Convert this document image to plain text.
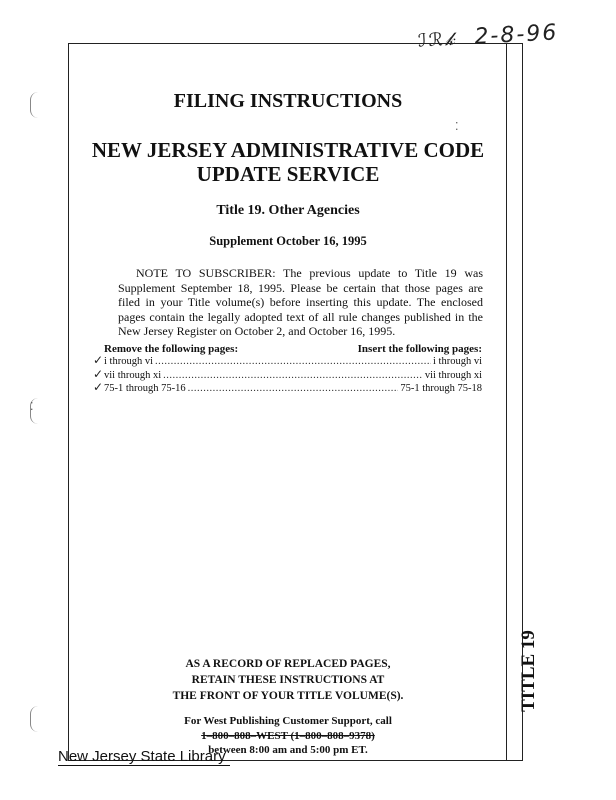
ℐℛ𝓀 2-8-96
FILING INSTRUCTIONS
NEW JERSEY ADMINISTRATIVE CODE
UPDATE SERVICE
Title 19. Other Agencies
Supplement October 16, 1995
NOTE TO SUBSCRIBER: The previous update to Title 19 was Supplement September 18, 1995. Please be certain that those pages are filed in your Title volume(s) before inserting this update. The enclosed pages contain the legally adopted text of all rule changes published in the New Jersey Register on October 2, and October 16, 1995.
Remove the following pages:	Insert the following pages:
i through vi .....	i through vi
vii through xi .....	vii through xi
75-1 through 75-16 .....	75-1 through 75-18
✓
✓
✓
AS A RECORD OF REPLACED PAGES,
RETAIN THESE INSTRUCTIONS AT
THE FRONT OF YOUR TITLE VOLUME(S).
For West Publishing Customer Support, call
1–800–808–WEST (1–800–808–9378)
between 8:00 am and 5:00 pm ET.
TITLE 19
New Jersey State Library
⁚
⁚
